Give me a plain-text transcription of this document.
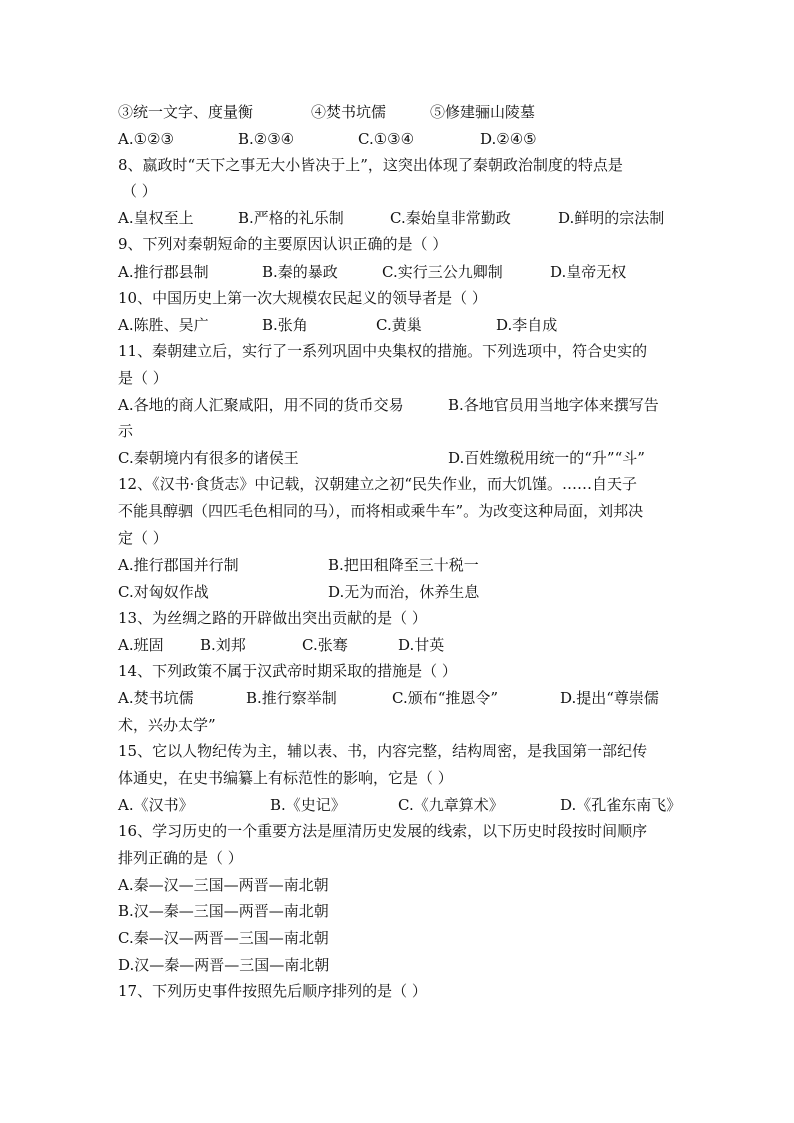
③统一文字、度量衡	④焚书坑儒	⑤修建骊山陵墓
A.①②③	B.②③④	C.①③④	D.②④⑤
8、嬴政时“天下之事无大小皆决于上”，这突出体现了秦朝政治制度的特点是
（ ）
A.皇权至上	B.严格的礼乐制	C.秦始皇非常勤政	D.鲜明的宗法制
9、下列对秦朝短命的主要原因认识正确的是（ ）
A.推行郡县制	B.秦的暴政	C.实行三公九卿制	D.皇帝无权
10、中国历史上第一次大规模农民起义的领导者是（ ）
A.陈胜、吴广	B.张角	C.黄巢	D.李自成
11、秦朝建立后，实行了一系列巩固中央集权的措施。下列选项中，符合史实的
是（ ）
A.各地的商人汇聚咸阳，用不同的货币交易	B.各地官员用当地字体来撰写告
示
C.秦朝境内有很多的诸侯王	D.百姓缴税用统一的“升”“斗”
12、《汉书·食货志》中记载，汉朝建立之初“民失作业，而大饥馑。……自天子
不能具醇驷（四匹毛色相同的马），而将相或乘牛车”。为改变这种局面，刘邦决
定（ ）
A.推行郡国并行制	B.把田租降至三十税一
C.对匈奴作战	D.无为而治，休养生息
13、为丝绸之路的开辟做出突出贡献的是（ ）
A.班固 B.刘邦	C.张骞	D.甘英
14、下列政策不属于汉武帝时期采取的措施是（ ）
A.焚书坑儒	B.推行察举制	C.颁布“推恩令”	D.提出“尊崇儒
术，兴办太学”
15、它以人物纪传为主，辅以表、书，内容完整，结构周密，是我国第一部纪传
体通史，在史书编纂上有标范性的影响，它是（ ）
A.《汉书》	B.《史记》	C.《九章算术》	D.《孔雀东南飞》
16、学习历史的一个重要方法是厘清历史发展的线索，以下历史时段按时间顺序
排列正确的是（ ）
A.秦—汉—三国—两晋—南北朝
B.汉—秦—三国—两晋—南北朝
C.秦—汉—两晋—三国—南北朝
D.汉—秦—两晋—三国—南北朝
17、下列历史事件按照先后顺序排列的是（ ）
